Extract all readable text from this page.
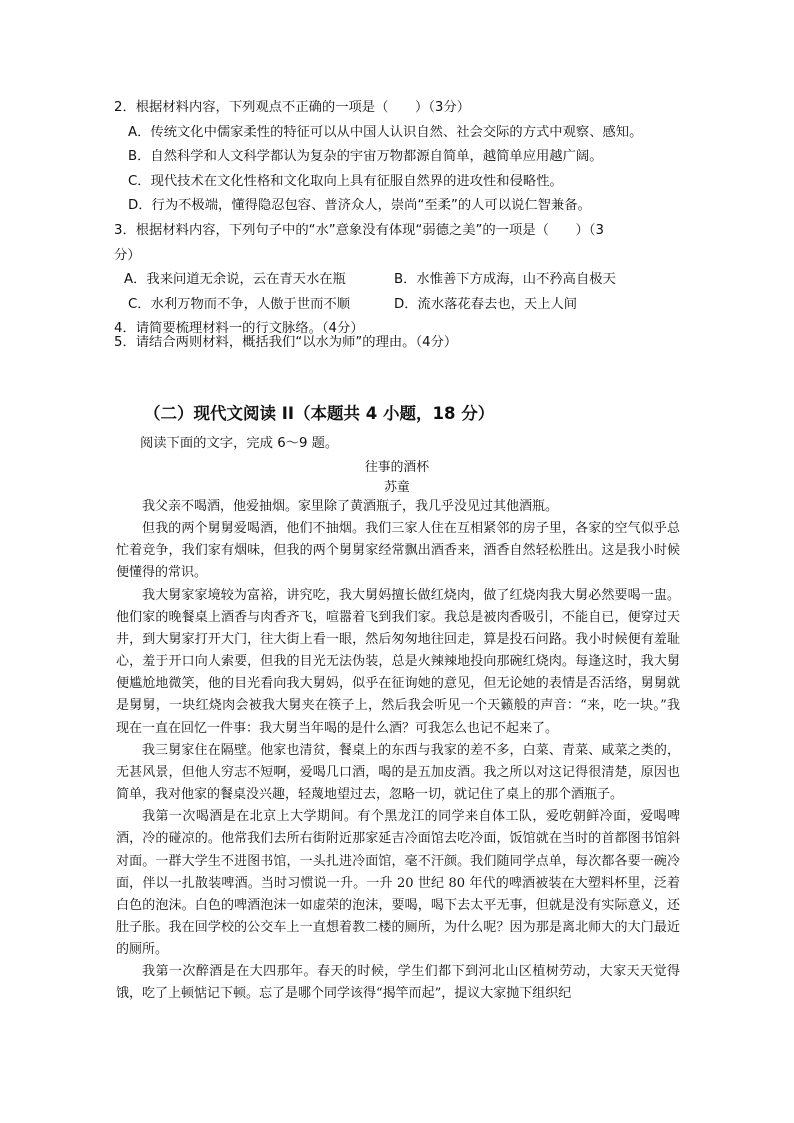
2．根据材料内容，下列观点不正确的一项是（　　）（3分）
A．传统文化中儒家柔性的特征可以从中国人认识自然、社会交际的方式中观察、感知。
B．自然科学和人文科学都认为复杂的宇宙万物都源自简单，越简单应用越广阔。
C．现代技术在文化性格和文化取向上具有征服自然界的进攻性和侵略性。
D．行为不极端，懂得隐忍包容、普济众人，崇尚“至柔”的人可以说仁智兼备。
3．根据材料内容，下列句子中的“水”意象没有体现“弱德之美”的一项是（　　）（3
分）
A．我来问道无余说，云在青天水在瓶	B．水惟善下方成海，山不矜高自极天
C．水利万物而不争，人傲于世而不顺	D．流水落花春去也，天上人间
4．请简要梳理材料一的行文脉络。（4分）
5．请结合两则材料，概括我们“以水为师”的理由。（4分）
（二）现代文阅读 II（本题共 4 小题，18 分）
阅读下面的文字，完成 6～9 题。
往事的酒杯
苏童

我父亲不喝酒，他爱抽烟。家里除了黄酒瓶子，我几乎没见过其他酒瓶。

但我的两个舅舅爱喝酒，他们不抽烟。我们三家人住在互相紧邻的房子里，各家的空气似乎总忙着竞争，我们家有烟味，但我的两个舅舅家经常飘出酒香来，酒香自然轻松胜出。这是我小时候便懂得的常识。

我大舅家家境较为富裕，讲究吃，我大舅妈擅长做红烧肉，做了红烧肉我大舅必然要喝一盅。他们家的晚餐桌上酒香与肉香齐飞，喧嚣着飞到我们家。我总是被肉香吸引，不能自已，便穿过天井，到大舅家打开大门，往大街上看一眼，然后匆匆地往回走，算是投石问路。我小时候便有羞耻心，羞于开口向人索要，但我的目光无法伪装，总是火辣辣地投向那碗红烧肉。每逢这时，我大舅便尴尬地微笑，他的目光看向我大舅妈，似乎在征询她的意见，但无论她的表情是否活络，舅舅就是舅舅，一块红烧肉会被我大舅夹在筷子上，然后我会听见一个天籁般的声音：“来，吃一块。”我现在一直在回忆一件事：我大舅当年喝的是什么酒？可我怎么也记不起来了。

我三舅家住在隔壁。他家也清贫，餐桌上的东西与我家的差不多，白菜、青菜、咸菜之类的，无甚风景，但他人穷志不短啊，爱喝几口酒，喝的是五加皮酒。我之所以对这记得很清楚，原因也简单，我对他家的餐桌没兴趣，轻蔑地望过去，忽略一切，就记住了桌上的那个酒瓶子。

我第一次喝酒是在北京上大学期间。有个黑龙江的同学来自体工队，爱吃朝鲜冷面，爱喝啤酒，冷的碰凉的。他常我们去所右街附近那家延吉冷面馆去吃冷面，饭馆就在当时的首都图书馆斜对面。一群大学生不进图书馆，一头扎进冷面馆，毫不汗颜。我们随同学点单，每次都各要一碗冷面，伴以一扎散装啤酒。当时习惯说一升。一升 20 世纪 80 年代的啤酒被装在大塑料杯里，泛着白色的泡沫。白色的啤酒泡沫一如虚荣的泡沫，要喝，喝下去太平无事，但就是没有实际意义，还肚子胀。我在回学校的公交车上一直想着教二楼的厕所，为什么呢？因为那是离北师大的大门最近的厕所。

我第一次醉酒是在大四那年。春天的时候，学生们都下到河北山区植树劳动，大家天天觉得饿，吃了上顿惦记下顿。忘了是哪个同学该得“揭竿而起”，提议大家抛下组织纪
